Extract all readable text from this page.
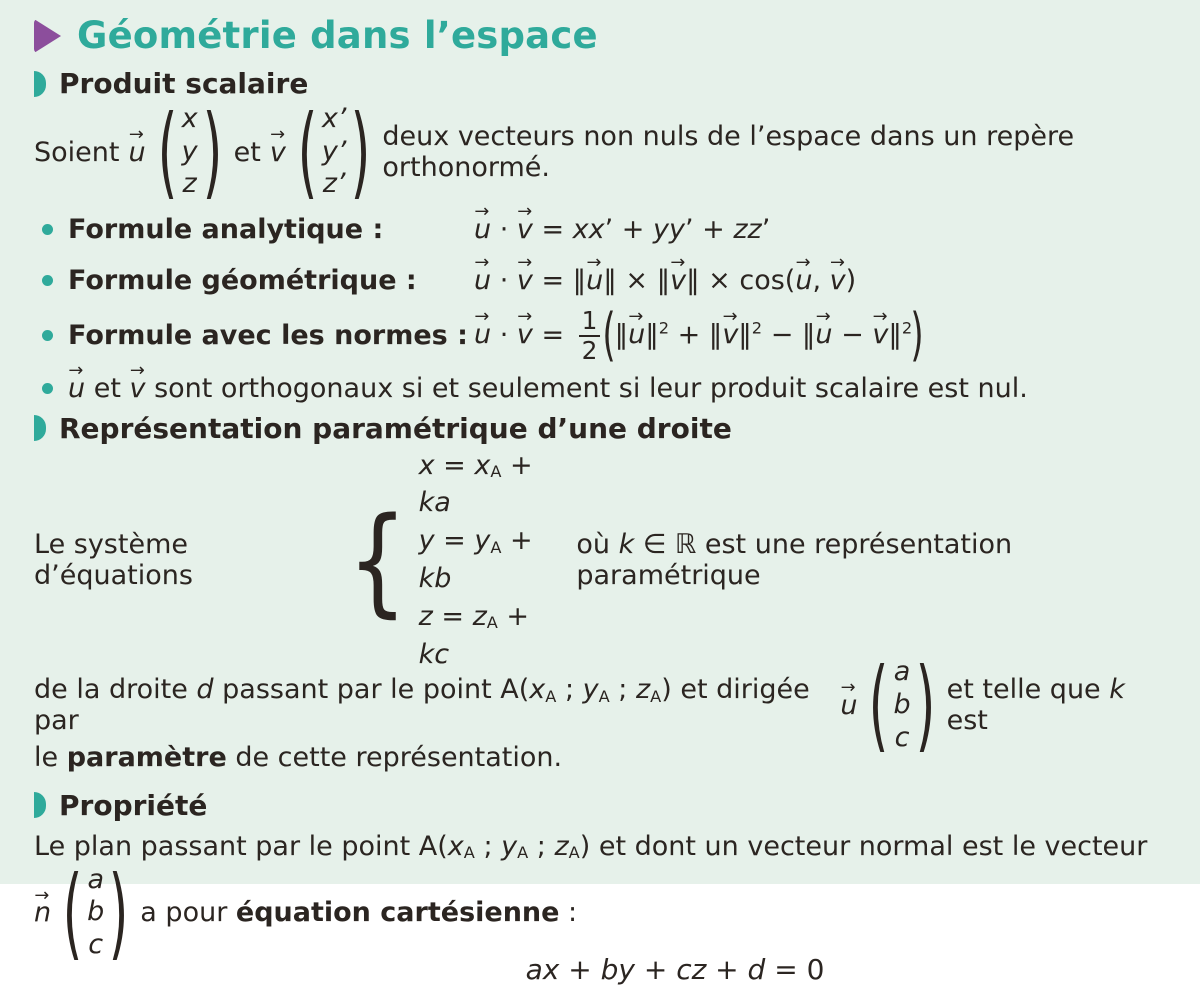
Géométrie dans l’espace
Produit scalaire
Soient → u ( x
y
z ) et → v ( x’
y’
z’ ) deux vecteurs non nuls de l’espace dans un repère orthonormé.
Formule analytique :	→ u · → v = xx’ + yy’ + zz’
Formule géométrique : → u · → v = ‖→ u‖ × ‖→ v‖ × cos(→ u, → v)
Formule avec les normes : → u · → $v = \frac{1}{2}$ (‖→ u‖$^2$ + ‖→ v‖$^2$ − ‖→ u − → v‖$^2$)
→ u et → v sont orthogonaux si et seulement si leur produit scalaire est nul.
Représentation paramétrique d’une droite
Le système d’équations	{
$x = x_A$ + ka
$y = y_A$ + kb
$z = z_A$ + kc
où k ∈ ℝ est une représentation paramétrique
de la droite d passant par le point $A(x_A$ ; $y_A$ ; $z_A$) et dirigée par	→ u ( a
b
c ) et telle que k est
le paramètre de cette représentation.
Propriété
Le plan passant par le point $A(x_A$ ; $y_A$ ; $z_A$) et dont un vecteur normal est le vecteur
→ n ( a
b
c ) a pour équation cartésienne :
ax + by + cz + d = 0
